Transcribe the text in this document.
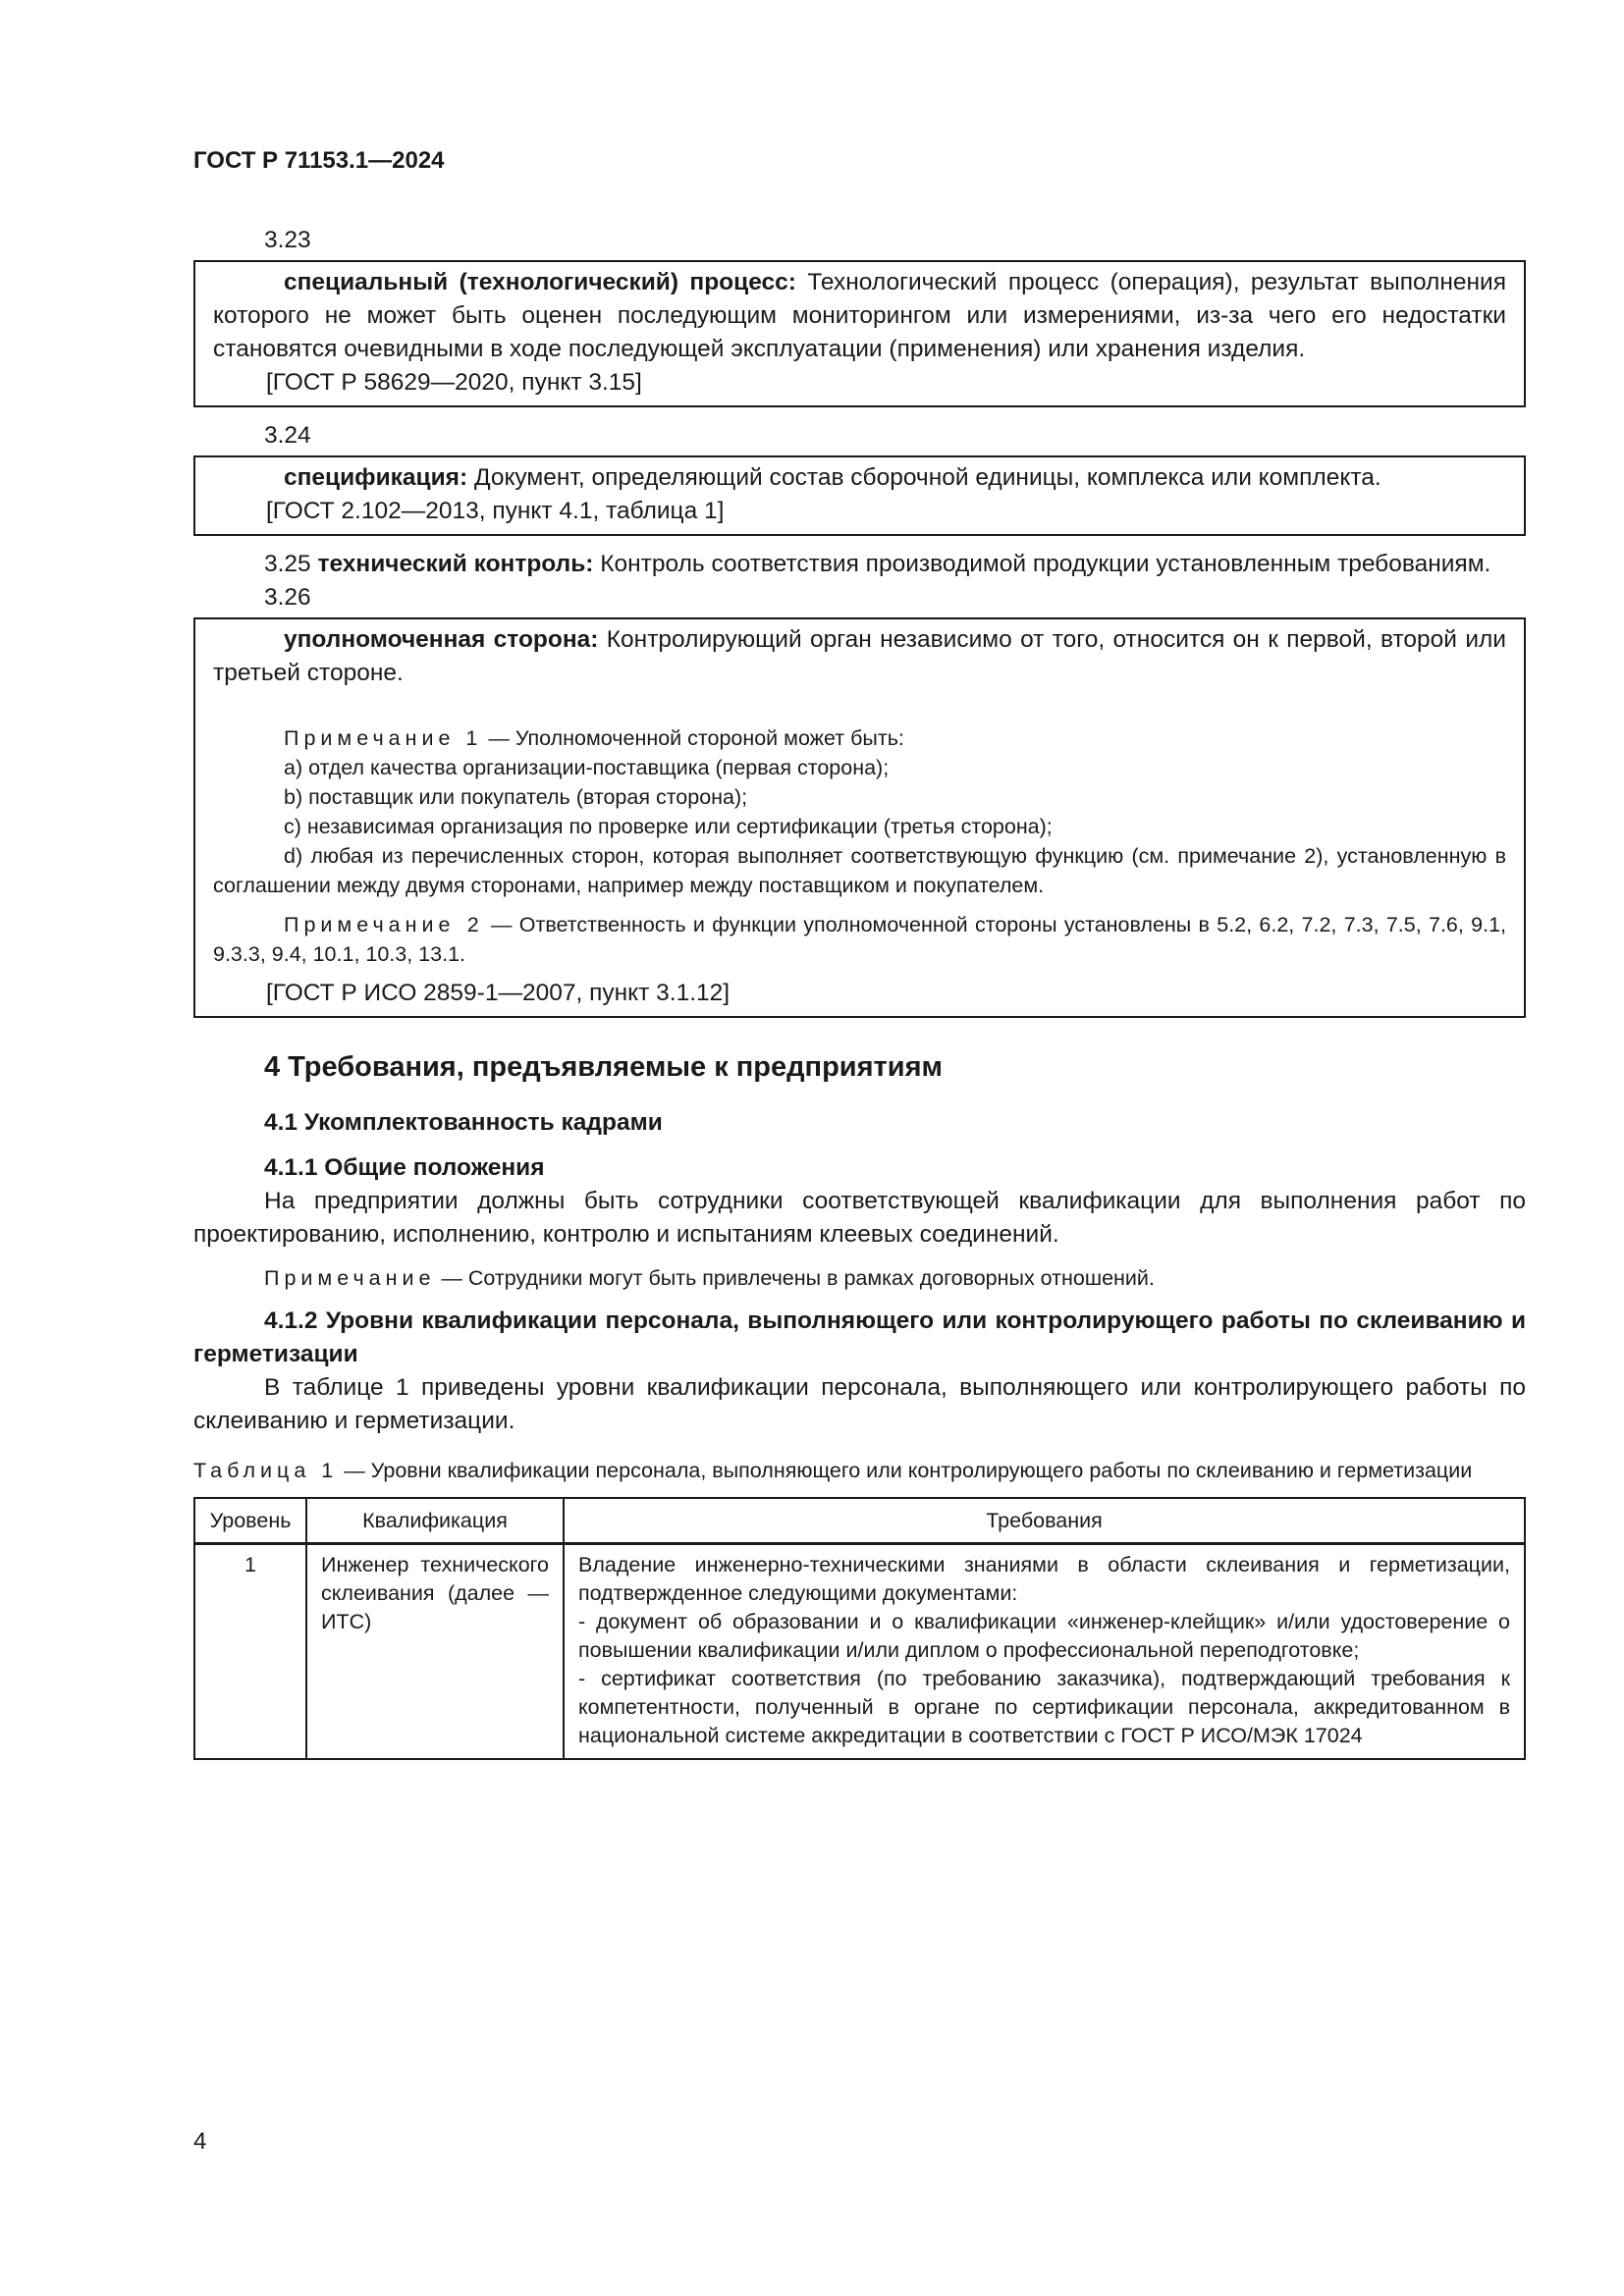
ГОСТ Р 71153.1—2024

3.23

специальный (технологический) процесс: Технологический процесс (операция), результат выполнения которого не может быть оценен последующим мониторингом или измерениями, из-за чего его недостатки становятся очевидными в ходе последующей эксплуатации (применения) или хранения изделия.

[ГОСТ Р 58629—2020, пункт 3.15]

3.24

спецификация: Документ, определяющий состав сборочной единицы, комплекса или комплекта.

[ГОСТ 2.102—2013, пункт 4.1, таблица 1]

3.25 технический контроль: Контроль соответствия производимой продукции установленным требованиям.

3.26

уполномоченная сторона: Контролирующий орган независимо от того, относится он к первой, второй или третьей стороне.

Примечание 1 — Уполномоченной стороной может быть:

a) отдел качества организации-поставщика (первая сторона);

b) поставщик или покупатель (вторая сторона);

c) независимая организация по проверке или сертификации (третья сторона);

d) любая из перечисленных сторон, которая выполняет соответствующую функцию (см. примечание 2), установленную в соглашении между двумя сторонами, например между поставщиком и покупателем.

Примечание 2 — Ответственность и функции уполномоченной стороны установлены в 5.2, 6.2, 7.2, 7.3, 7.5, 7.6, 9.1, 9.3.3, 9.4, 10.1, 10.3, 13.1.

[ГОСТ Р ИСО 2859-1—2007, пункт 3.1.12]

4 Требования, предъявляемые к предприятиям
4.1 Укомплектованность кадрами
4.1.1 Общие положения

На предприятии должны быть сотрудники соответствующей квалификации для выполнения работ по проектированию, исполнению, контролю и испытаниям клеевых соединений.

Примечание — Сотрудники могут быть привлечены в рамках договорных отношений.

4.1.2 Уровни квалификации персонала, выполняющего или контролирующего работы по склеиванию и герметизации

В таблице 1 приведены уровни квалификации персонала, выполняющего или контролирующего работы по склеиванию и герметизации.

Таблица 1 — Уровни квалификации персонала, выполняющего или контролирующего работы по склеиванию и герметизации

Уровень	Квалификация	Требования
1	Инженер технического склеивания (далее — ИТС)	Владение инженерно-техническими знаниями в области склеивания и герметизации, подтвержденное следующими документами:
- документ об образовании и о квалификации «инженер-клейщик» и/или удостоверение о повышении квалификации и/или диплом о профессиональной переподготовке;
- сертификат соответствия (по требованию заказчика), подтверждающий требования к компетентности, полученный в органе по сертификации персонала, аккредитованном в национальной системе аккредитации в соответствии с ГОСТ Р ИСО/МЭК 17024
4
